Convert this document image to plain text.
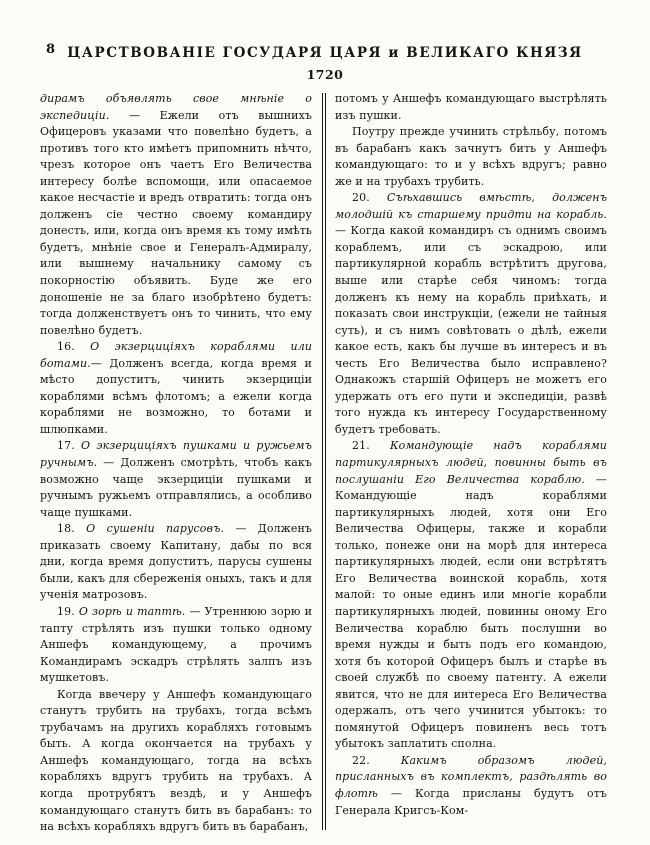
8 ЦАРСТВОВАНІЕ ГОСУДАРЯ ЦАРЯ и ВЕЛИКАГО КНЯЗЯ
1720

дирамъ объявлять свое мнѣніе о экспедиціи. — Ежели отъ вышнихъ Офицеровъ указами что повелѣно будетъ, а противъ того кто имѣетъ припомнить нѣчто, чрезъ которое онъ чаетъ Его Величества интересу болѣе вспомощи, или опасаемое какое несчастіе и вредъ отвратить: тогда онъ долженъ сіе честно своему командиру донесть, или, когда онъ время къ тому имѣть будетъ, мнѣніе свое и Генералъ-Адмиралу, или вышнему начальнику самому съ покорностію объявить. Буде же его доношеніе не за благо изобрѣтено будетъ: тогда долженствуетъ онъ то чинить, что ему повелѣно будетъ.

16. О экзерциціяхъ кораблями или ботами.— Долженъ всегда, когда время и мѣсто допуститъ, чинить экзерциціи кораблями всѣмъ флотомъ; а ежели когда кораблями не возможно, то ботами и шлюпками.

17. О экзерциціяхъ пушками и ружьемъ ручнымъ. — Долженъ смотрѣть, чтобъ какъ возможно чаще экзерциціи пушками и ручнымъ ружьемъ отправлялись, а особливо чаще пушками.

18. О сушеніи парусовъ. — Долженъ приказать своему Капитану, дабы по вся дни, когда время допуститъ, парусы сушены были, какъ для сбереженія оныхъ, такъ и для ученія матрозовъ.

19. О зорѣ и таптѣ. — Утреннюю зорю и тапту стрѣлять изъ пушки только одному Аншефъ командующему, а прочимъ Командирамъ эскадръ стрѣлять залпъ изъ мушкетовъ.

Когда ввечеру у Аншефъ командующаго станутъ трубить на трубахъ, тогда всѣмъ трубачамъ на другихъ корабляхъ готовымъ быть. А когда окончается на трубахъ у Аншефъ командующаго, тогда на всѣхъ корабляхъ вдругъ трубить на трубахъ. А когда протрубятъ вездѣ, и у Аншефъ командующаго станутъ бить въ барабанъ: то на всѣхъ корабляхъ вдругъ бить въ барабанъ,

потомъ у Аншефъ командующаго выстрѣлять изъ пушки.

Поутру прежде учинить стрѣльбу, потомъ въ барабанъ какъ зачнутъ бить у Аншефъ командующаго: то и у всѣхъ вдругъ; равно же и на трубахъ трубить.

20. Съѣхавшись вмѣстѣ, долженъ молодшій къ старшему придти на корабль. — Когда какой командиръ съ однимъ своимъ кораблемъ, или съ эскадрою, или партикулярной корабль встрѣтитъ другова, выше или старѣе себя чиномъ: тогда долженъ къ нему на корабль приѣхать, и показать свои инструкціи, (ежели не тайныя суть), и съ нимъ совѣтовать о дѣлѣ, ежели какое есть, какъ бы лучше въ интересъ и въ честь Его Величества было исправлено? Однакожъ старшій Офицеръ не можетъ его удержать отъ его пути и экспедиціи, развѣ того нужда къ интересу Государственному будетъ требовать.

21. Командующіе надъ кораблями партикулярныхъ людей, повинны быть въ послушаніи Его Величества кораблю. — Командующіе надъ кораблями партикулярныхъ людей, хотя они Его Величества Офицеры, также и корабли только, понеже они на морѣ для интереса партикулярныхъ людей, если они встрѣтятъ Его Величества воинской корабль, хотя малой: то оные единъ или многіе корабли партикулярныхъ людей, повинны оному Его Величества кораблю быть послушни во время нужды и быть подъ его командою, хотя бъ которой Офицеръ былъ и старѣе въ своей службѣ по своему патенту. А ежели явится, что не для интереса Его Величества одержалъ, отъ чего учинится убытокъ: то помянутой Офицеръ повиненъ весь тотъ убытокъ заплатить сполна.

22. Какимъ образомъ людей, присланныхъ въ комплектъ, раздѣлять во флотѣ — Когда присланы будутъ отъ Генерала Кригсъ-Ком-
